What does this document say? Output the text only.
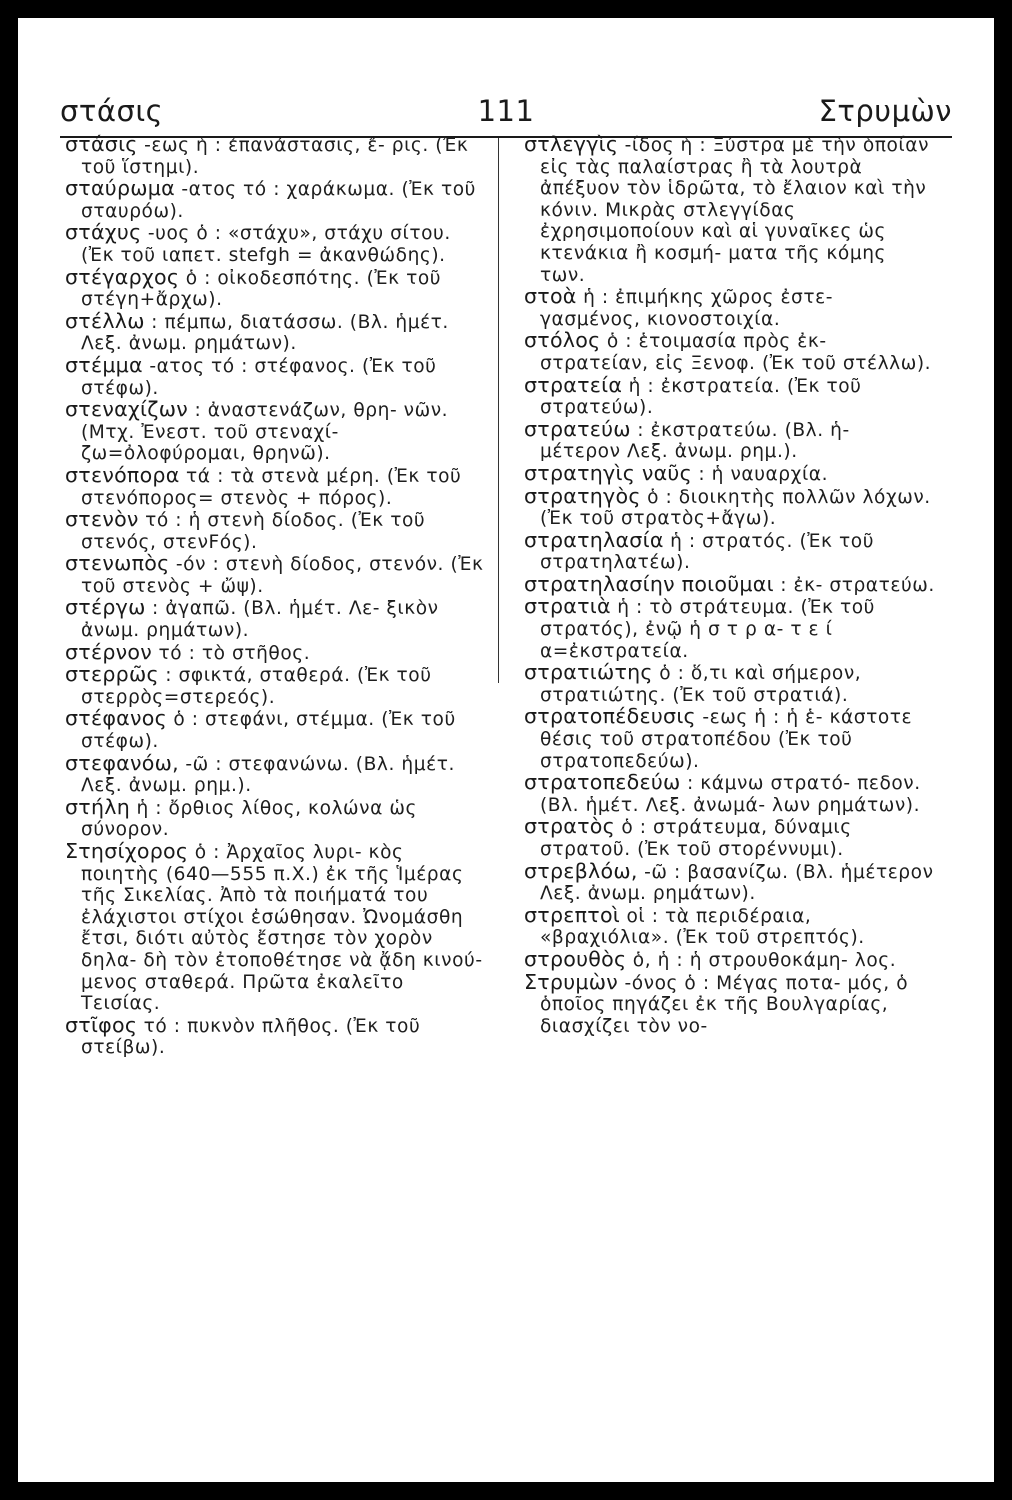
στάσις	111	Στρυμὼν

στάσις -εως ἡ : ἐπανάστασις, ἔ- ρις. (Ἐκ τοῦ ἵστημι).

σταύρωμα -ατος τό : χαράκωμα. (Ἐκ τοῦ σταυρόω).

στάχυς -υος ὁ : «στάχυ», στάχυ σίτου. (Ἐκ τοῦ ιαπετ. stefgh = ἀκανθώδης).

στέγαρχος ὁ : οἰκοδεσπότης. (Ἐκ τοῦ στέγη+ἄρχω).

στέλλω : πέμπω, διατάσσω. (Βλ. ἡμέτ. Λεξ. ἀνωμ. ρημάτων).

στέμμα -ατος τό : στέφανος. (Ἐκ τοῦ στέφω).

στεναχίζων : ἀναστενάζων, θρη- νῶν. (Μτχ. Ἐνεστ. τοῦ στεναχί- ζω=ὀλοφύρομαι, θρηνῶ).

στενόπορα τά : τὰ στενὰ μέρη. (Ἐκ τοῦ στενόπορος= στενὸς + πόρος).

στενὸν τό : ἡ στενὴ δίοδος. (Ἐκ τοῦ στενός, στενϜός).

στενωπὸς -όν : στενὴ δίοδος, στενόν. (Ἐκ τοῦ στενὸς + ὤψ).

στέργω : ἀγαπῶ. (Βλ. ἡμέτ. Λε- ξικὸν ἀνωμ. ρημάτων).

στέρνον τό : τὸ στῆθος.

στερρῶς : σφικτά, σταθερά. (Ἐκ τοῦ στερρὸς=στερεός).

στέφανος ὁ : στεφάνι, στέμμα. (Ἐκ τοῦ στέφω).

στεφανόω, -ῶ : στεφανώνω. (Βλ. ἡμέτ. Λεξ. ἀνωμ. ρημ.).

στήλη ἡ : ὄρθιος λίθος, κολώνα ὡς σύνορον.

Στησίχορος ὁ : Ἀρχαῖος λυρι- κὸς ποιητὴς (640—555 π.Χ.) ἐκ τῆς Ἱμέρας τῆς Σικελίας. Ἀπὸ τὰ ποιήματά του ἐλάχιστοι στίχοι ἐσώθησαν. Ὠνομάσθη ἔτσι, διότι αὐτὸς ἔστησε τὸν χορὸν δηλα- δὴ τὸν ἐτοποθέτησε νὰ ᾄδη κινού- μενος σταθερά. Πρῶτα ἐκαλεῖτο Τεισίας.

στῖφος τό : πυκνὸν πλῆθος. (Ἐκ τοῦ στείβω).

στλεγγὶς -ίδος ἡ : Ξύστρα μὲ τὴν ὁποίαν εἰς τὰς παλαίστρας ἢ τὰ λουτρὰ ἀπέξυον τὸν ἱδρῶτα, τὸ ἔλαιον καὶ τὴν κόνιν. Μικρὰς στλεγγίδας ἐχρησιμοποίουν καὶ αἱ γυναῖκες ὡς κτενάκια ἢ κοσμή- ματα τῆς κόμης των.

στοὰ ἡ : ἐπιμήκης χῶρος ἐστε- γασμένος, κιονοστοιχία.

στόλος ὁ : ἑτοιμασία πρὸς ἐκ- στρατείαν, εἰς Ξενοφ. (Ἐκ τοῦ στέλλω).

στρατεία ἡ : ἐκστρατεία. (Ἐκ τοῦ στρατεύω).

στρατεύω : ἐκστρατεύω. (Βλ. ἡ- μέτερον Λεξ. ἀνωμ. ρημ.).

στρατηγὶς ναῦς : ἡ ναυαρχία.

στρατηγὸς ὁ : διοικητὴς πολλῶν λόχων. (Ἐκ τοῦ στρατὸς+ἄγω).

στρατηλασία ἡ : στρατός. (Ἐκ τοῦ στρατηλατέω).

στρατηλασίην ποιοῦμαι : ἐκ- στρατεύω.

στρατιὰ ἡ : τὸ στράτευμα. (Ἐκ τοῦ στρατός), ἐνῷ ἡ σ τ ρ α- τ ε ί α=ἐκστρατεία.

στρατιώτης ὁ : ὅ,τι καὶ σήμερον, στρατιώτης. (Ἐκ τοῦ στρατιά).

στρατοπέδευσις -εως ἡ : ἡ ἑ- κάστοτε θέσις τοῦ στρατοπέδου (Ἐκ τοῦ στρατοπεδεύω).

στρατοπεδεύω : κάμνω στρατό- πεδον. (Βλ. ἡμέτ. Λεξ. ἀνωμά- λων ρημάτων).

στρατὸς ὁ : στράτευμα, δύναμις στρατοῦ. (Ἐκ τοῦ στορέννυμι).

στρεβλόω, -ῶ : βασανίζω. (Βλ. ἡμέτερον Λεξ. ἀνωμ. ρημάτων).

στρεπτοὶ οἱ : τὰ περιδέραια, «βραχιόλια». (Ἐκ τοῦ στρεπτός).

στρουθὸς ὁ, ἡ : ἡ στρουθοκάμη- λος.

Στρυμὼν -όνος ὁ : Μέγας ποτα- μός, ὁ ὁποῖος πηγάζει ἐκ τῆς Βουλγαρίας, διασχίζει τὸν νο-
